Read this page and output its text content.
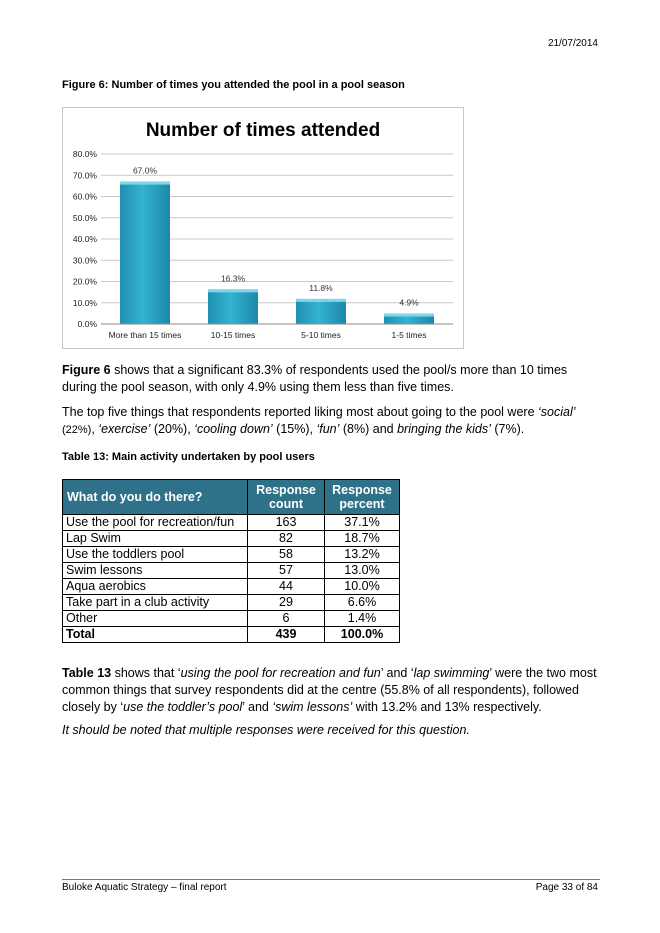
21/07/2014
Figure 6: Number of times you attended the pool in a pool season
Number of times attended
0.0%
10.0%
20.0%
30.0%
40.0%
50.0%
60.0%
70.0%
80.0%
67.0%
More than 15 times
16.3%
10-15 times
11.8%
5-10 times
4.9%
1-5 times
Figure 6 shows that a significant 83.3% of respondents used the pool/s more than 10 times during the pool season, with only 4.9% using them less than five times.
The top five things that respondents reported liking most about going to the pool were ‘social’ (22%), ‘exercise’ (20%), ‘cooling down’ (15%), ‘fun’ (8%) and bringing the kids’ (7%).
Table 13: Main activity undertaken by pool users
What do you do there?	Response count	Response percent
Use the pool for recreation/fun	163	37.1%
Lap Swim	82	18.7%
Use the toddlers pool	58	13.2%
Swim lessons	57	13.0%
Aqua aerobics	44	10.0%
Take part in a club activity	29	6.6%
Other	6	1.4%
Total	439	100.0%
Table 13 shows that ‘using the pool for recreation and fun’ and ‘lap swimming’ were the two most common things that survey respondents did at the centre (55.8% of all respondents), followed closely by ‘use the toddler’s pool’ and ‘swim lessons’ with 13.2% and 13% respectively.
It should be noted that multiple responses were received for this question.
Buloke Aquatic Strategy – final report	Page 33 of 84
